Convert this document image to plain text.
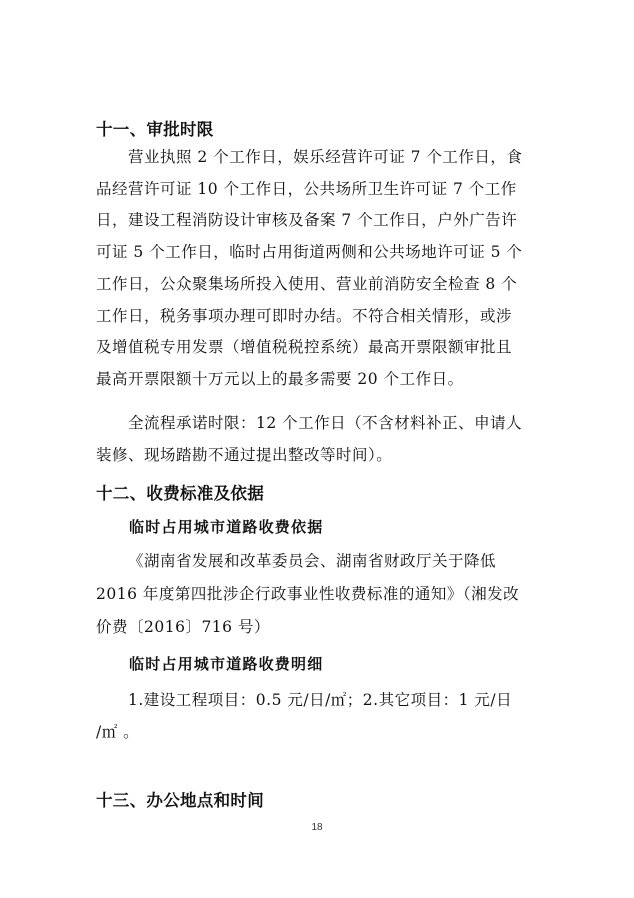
十一、审批时限
营业执照 2 个工作日，娱乐经营许可证 7 个工作日，食
品经营许可证 10 个工作日，公共场所卫生许可证 7 个工作
日，建设工程消防设计审核及备案 7 个工作日，户外广告许
可证 5 个工作日，临时占用街道两侧和公共场地许可证 5 个
工作日，公众聚集场所投入使用、营业前消防安全检查 8 个
工作日，税务事项办理可即时办结。不符合相关情形，或涉
及增值税专用发票（增值税税控系统）最高开票限额审批且
最高开票限额十万元以上的最多需要 20 个工作日。
全流程承诺时限：12 个工作日（不含材料补正、申请人
装修、现场踏勘不通过提出整改等时间）。
十二、收费标准及依据
临时占用城市道路收费依据
《湖南省发展和改革委员会、湖南省财政厅关于降低
2016 年度第四批涉企行政事业性收费标准的通知》（湘发改
价费〔2016〕716 号）
临时占用城市道路收费明细
1.建设工程项目：0.5 元/日/㎡；2.其它项目：1 元/日
/㎡ 。
十三、办公地点和时间
18
